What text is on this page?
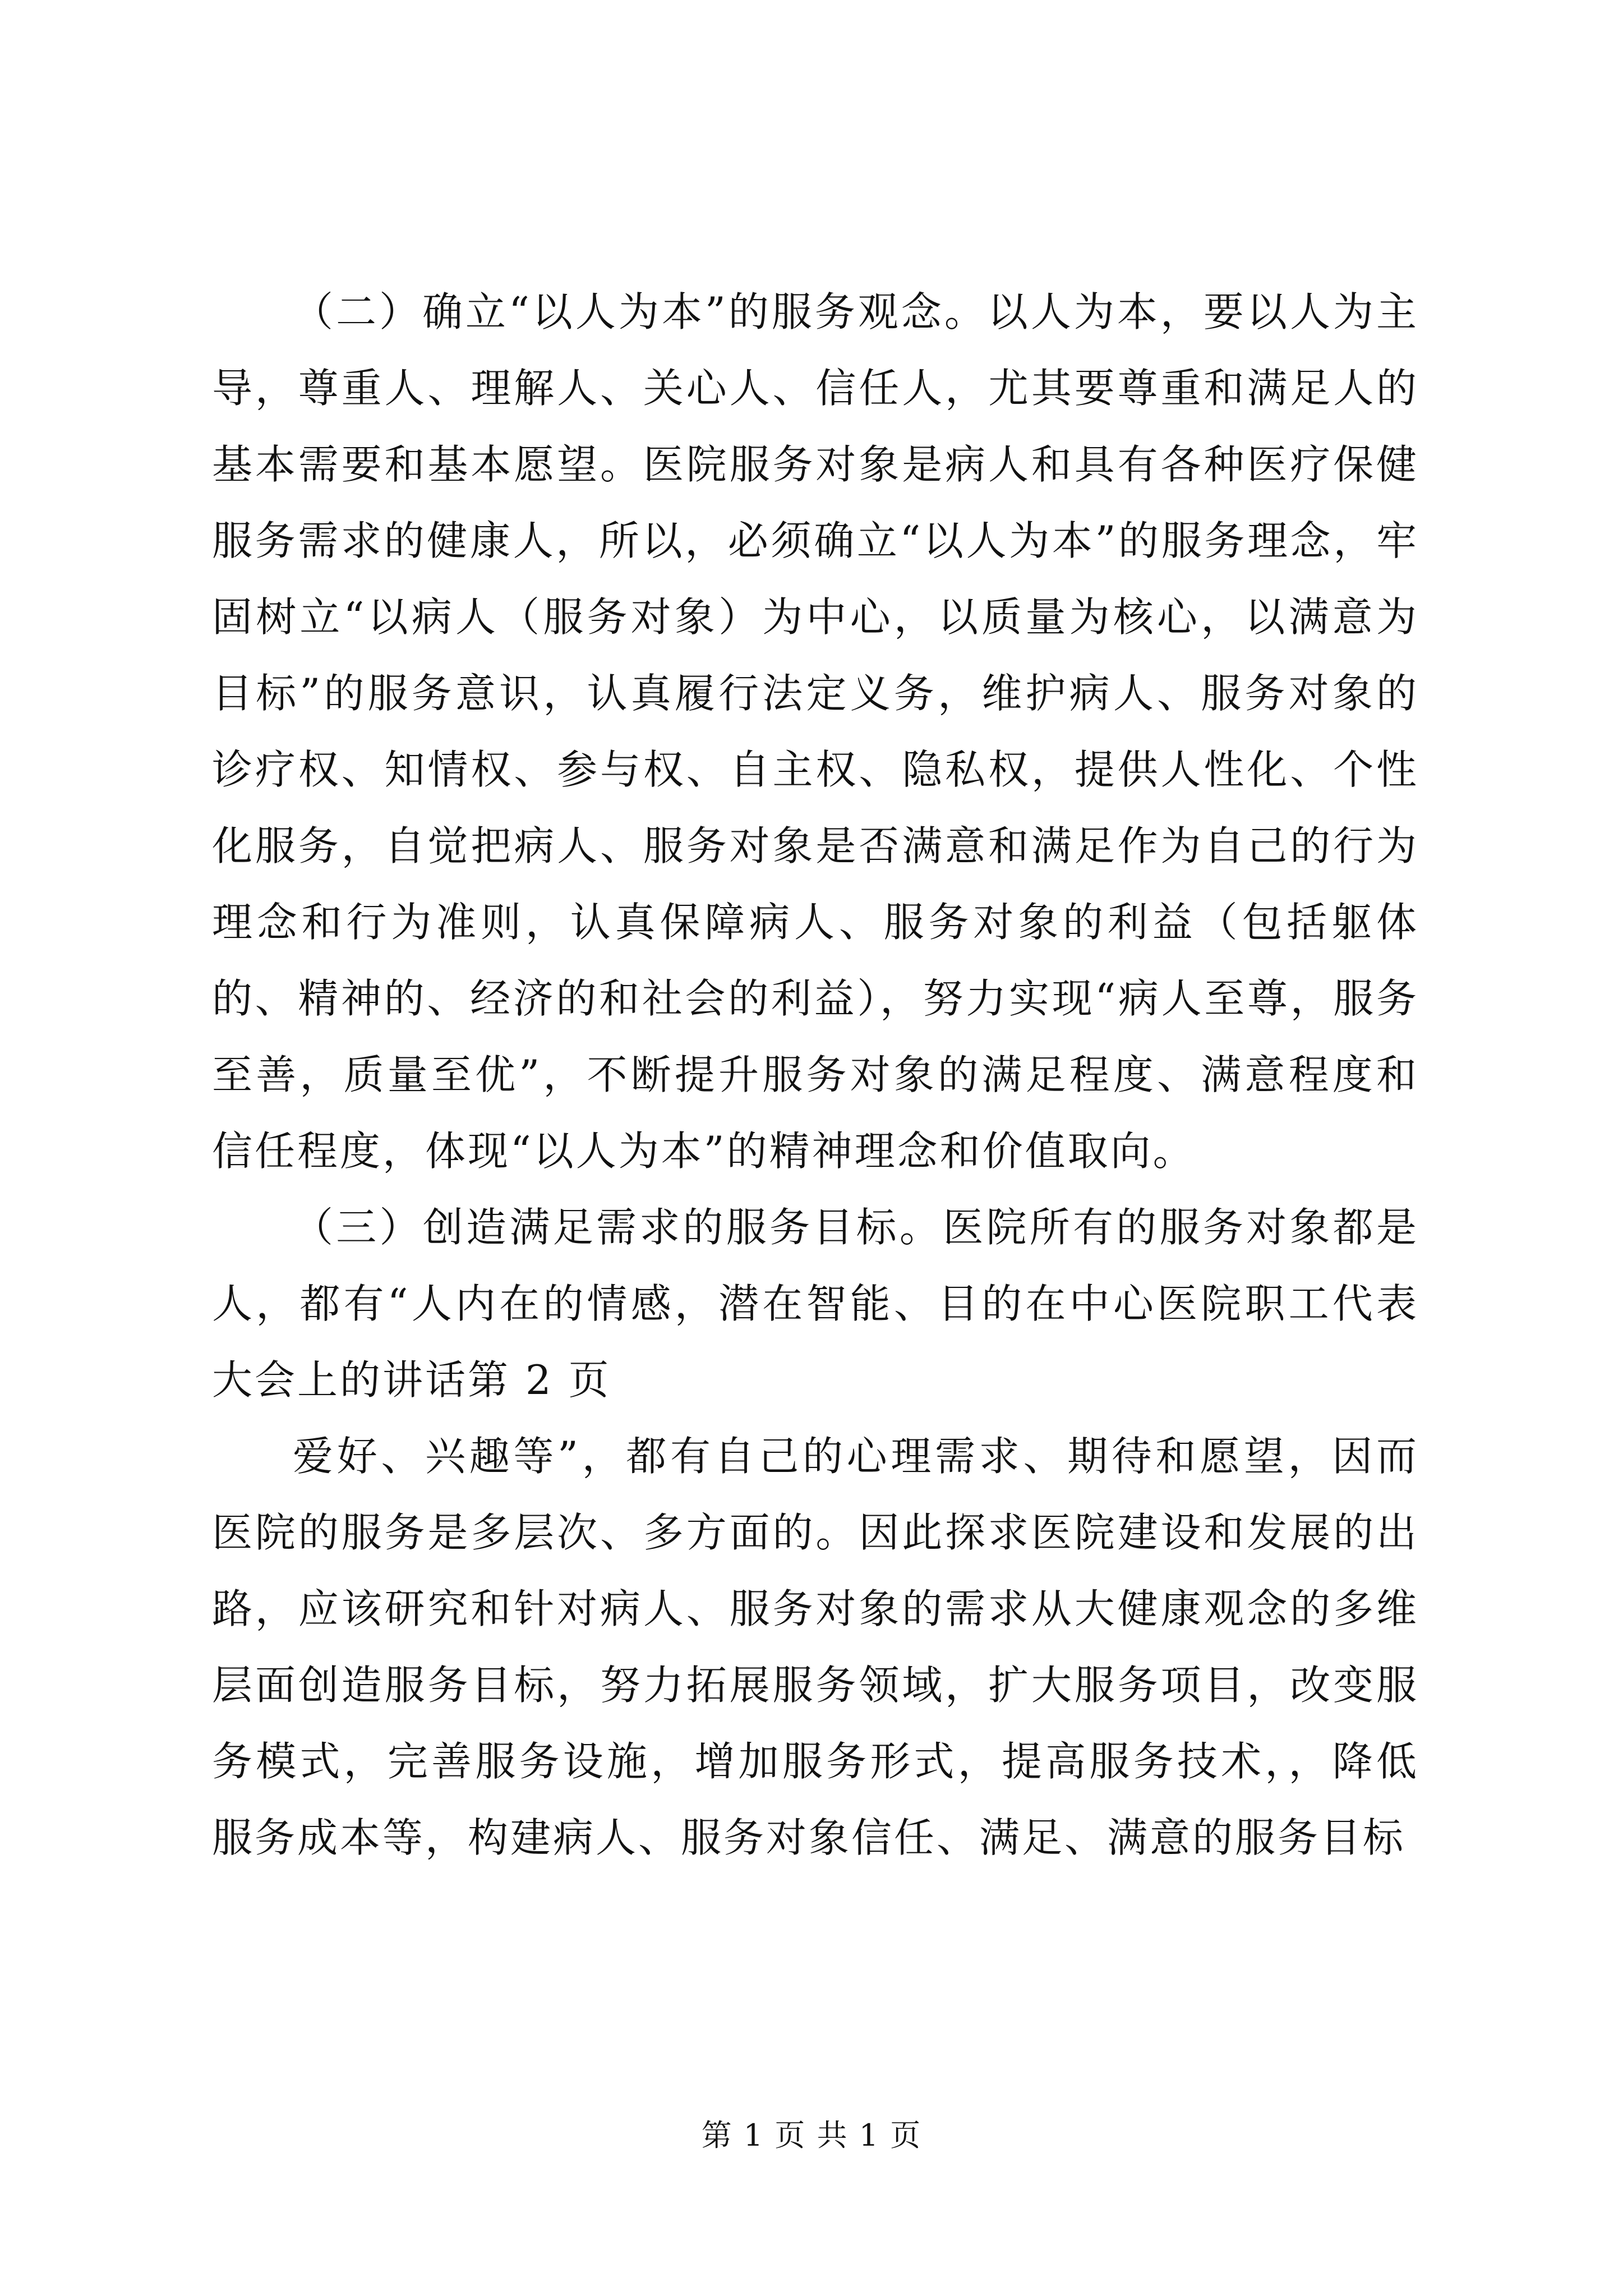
（二）确立“以人为本”的服务观念。以人为本，要以人为主导，尊重人、理解人、关心人、信任人，尤其要尊重和满足人的基本需要和基本愿望。医院服务对象是病人和具有各种医疗保健服务需求的健康人，所以，必须确立“以人为本”的服务理念，牢固树立“以病人（服务对象）为中心，以质量为核心，以满意为目标”的服务意识，认真履行法定义务，维护病人、服务对象的诊疗权、知情权、参与权、自主权、隐私权，提供人性化、个性化服务，自觉把病人、服务对象是否满意和满足作为自己的行为理念和行为准则，认真保障病人、服务对象的利益（包括躯体的、精神的、经济的和社会的利益），努力实现“病人至尊，服务至善，质量至优”，不断提升服务对象的满足程度、满意程度和信任程度，体现“以人为本”的精神理念和价值取向。

（三）创造满足需求的服务目标。医院所有的服务对象都是人，都有“人内在的情感，潜在智能、目的在中心医院职工代表大会上的讲话第 2 页

爱好、兴趣等”，都有自己的心理需求、期待和愿望，因而医院的服务是多层次、多方面的。因此探求医院建设和发展的出路，应该研究和针对病人、服务对象的需求从大健康观念的多维层面创造服务目标，努力拓展服务领域，扩大服务项目，改变服务模式，完善服务设施，增加服务形式，提高服务技术，，降低服务成本等，构建病人、服务对象信任、满足、满意的服务目标

第 1 页 共 1 页
